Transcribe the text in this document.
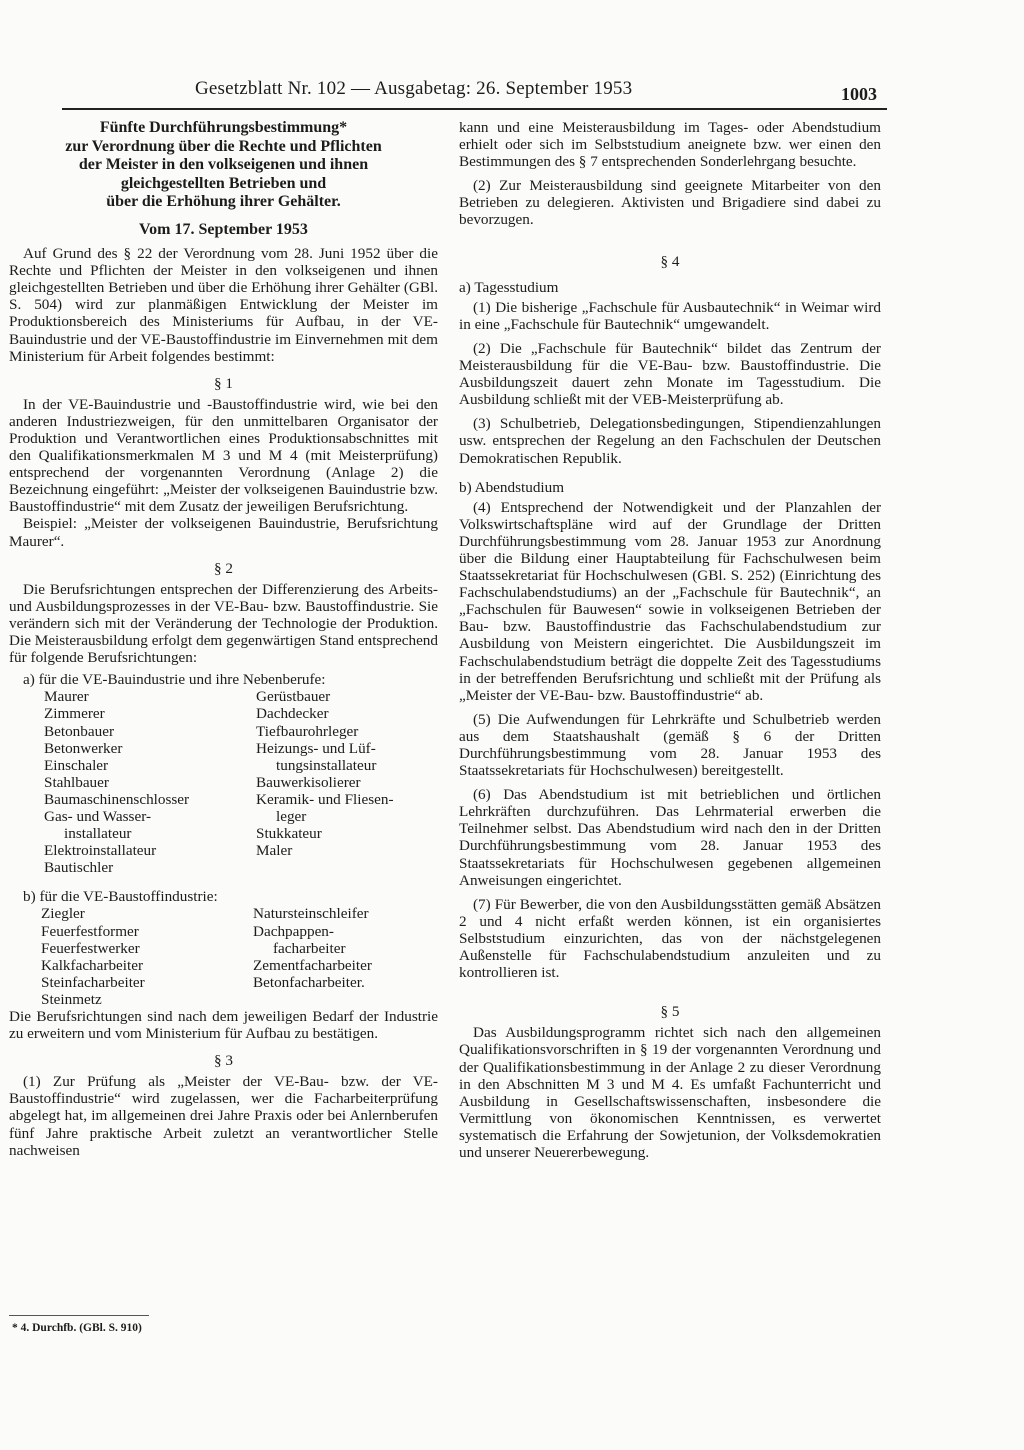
Gesetzblatt Nr. 102 — Ausgabetag: 26. September 1953	1003
Fünfte Durchführungsbestimmung*
zur Verordnung über die Rechte und Pflichten
der Meister in den volkseigenen und ihnen
gleichgestellten Betrieben und
über die Erhöhung ihrer Gehälter.
Vom 17. September 1953

Auf Grund des § 22 der Verordnung vom 28. Juni 1952 über die Rechte und Pflichten der Meister in den volkseigenen und ihnen gleichgestellten Betrieben und über die Erhöhung ihrer Gehälter (GBl. S. 504) wird zur planmäßigen Entwicklung der Meister im Produktionsbereich des Ministeriums für Aufbau, in der VE-Bauindustrie und der VE-Baustoffindustrie im Einvernehmen mit dem Ministerium für Arbeit folgendes bestimmt:

§ 1

In der VE-Bauindustrie und -Baustoffindustrie wird, wie bei den anderen Industriezweigen, für den unmittelbaren Organisator der Produktion und Verantwortlichen eines Produktionsabschnittes mit den Qualifikationsmerkmalen M 3 und M 4 (mit Meisterprüfung) entsprechend der vorgenannten Verordnung (Anlage 2) die Bezeichnung eingeführt: „Meister der volkseigenen Bauindustrie bzw. Baustoffindustrie“ mit dem Zusatz der jeweiligen Berufsrichtung.

Beispiel: „Meister der volkseigenen Bauindustrie, Berufsrichtung Maurer“.

§ 2

Die Berufsrichtungen entsprechen der Differenzierung des Arbeits- und Ausbildungsprozesses in der VE-Bau- bzw. Baustoffindustrie. Sie verändern sich mit der Veränderung der Technologie der Produktion. Die Meisterausbildung erfolgt dem gegenwärtigen Stand entsprechend für folgende Berufsrichtungen:

a) für die VE-Bauindustrie und ihre Nebenberufe:
Maurer	Gerüstbauer
Zimmerer	Dachdecker
Betonbauer	Tiefbaurohrleger
Betonwerker	Heizungs- und Lüf-
Einschaler	tungsinstallateur
Stahlbauer	Bauwerkisolierer
Baumaschinenschlosser	Keramik- und Fliesen-
Gas- und Wasser-	leger
installateur	Stukkateur
Elektroinstallateur	Maler
Bautischler
b) für die VE-Baustoffindustrie:
Ziegler	Natursteinschleifer
Feuerfestformer	Dachpappen-
Feuerfestwerker	facharbeiter
Kalkfacharbeiter	Zementfacharbeiter
Steinfacharbeiter	Betonfacharbeiter.
Steinmetz

Die Berufsrichtungen sind nach dem jeweiligen Bedarf der Industrie zu erweitern und vom Ministerium für Aufbau zu bestätigen.

§ 3

(1) Zur Prüfung als „Meister der VE-Bau- bzw. der VE-Baustoffindustrie“ wird zugelassen, wer die Facharbeiterprüfung abgelegt hat, im allgemeinen drei Jahre Praxis oder bei Anlernberufen fünf Jahre praktische Arbeit zuletzt an verantwortlicher Stelle nachweisen

* 4. Durchfb. (GBl. S. 910)

kann und eine Meisterausbildung im Tages- oder Abendstudium erhielt oder sich im Selbststudium aneignete bzw. wer einen den Bestimmungen des § 7 entsprechenden Sonderlehrgang besuchte.

(2) Zur Meisterausbildung sind geeignete Mitarbeiter von den Betrieben zu delegieren. Aktivisten und Brigadiere sind dabei zu bevorzugen.

§ 4
a) Tagesstudium

(1) Die bisherige „Fachschule für Ausbautechnik“ in Weimar wird in eine „Fachschule für Bautechnik“ umgewandelt.

(2) Die „Fachschule für Bautechnik“ bildet das Zentrum der Meisterausbildung für die VE-Bau- bzw. Baustoffindustrie. Die Ausbildungszeit dauert zehn Monate im Tagesstudium. Die Ausbildung schließt mit der VEB-Meisterprüfung ab.

(3) Schulbetrieb, Delegationsbedingungen, Stipendienzahlungen usw. entsprechen der Regelung an den Fachschulen der Deutschen Demokratischen Republik.

b) Abendstudium

(4) Entsprechend der Notwendigkeit und der Planzahlen der Volkswirtschaftspläne wird auf der Grundlage der Dritten Durchführungsbestimmung vom 28. Januar 1953 zur Anordnung über die Bildung einer Hauptabteilung für Fachschulwesen beim Staatssekretariat für Hochschulwesen (GBl. S. 252) (Einrichtung des Fachschulabendstudiums) an der „Fachschule für Bautechnik“, an „Fachschulen für Bauwesen“ sowie in volkseigenen Betrieben der Bau- bzw. Baustoffindustrie das Fachschulabendstudium zur Ausbildung von Meistern eingerichtet. Die Ausbildungszeit im Fachschulabendstudium beträgt die doppelte Zeit des Tagesstudiums in der betreffenden Berufsrichtung und schließt mit der Prüfung als „Meister der VE-Bau- bzw. Baustoffindustrie“ ab.

(5) Die Aufwendungen für Lehrkräfte und Schulbetrieb werden aus dem Staatshaushalt (gemäß § 6 der Dritten Durchführungsbestimmung vom 28. Januar 1953 des Staatssekretariats für Hochschulwesen) bereitgestellt.

(6) Das Abendstudium ist mit betrieblichen und örtlichen Lehrkräften durchzuführen. Das Lehrmaterial erwerben die Teilnehmer selbst. Das Abendstudium wird nach den in der Dritten Durchführungsbestimmung vom 28. Januar 1953 des Staatssekretariats für Hochschulwesen gegebenen allgemeinen Anweisungen eingerichtet.

(7) Für Bewerber, die von den Ausbildungsstätten gemäß Absätzen 2 und 4 nicht erfaßt werden können, ist ein organisiertes Selbststudium einzurichten, das von der nächstgelegenen Außenstelle für Fachschulabendstudium anzuleiten und zu kontrollieren ist.

§ 5

Das Ausbildungsprogramm richtet sich nach den allgemeinen Qualifikationsvorschriften in § 19 der vorgenannten Verordnung und der Qualifikationsbestimmung in der Anlage 2 zu dieser Verordnung in den Abschnitten M 3 und M 4. Es umfaßt Fachunterricht und Ausbildung in Gesellschaftswissenschaften, insbesondere die Vermittlung von ökonomischen Kenntnissen, es verwertet systematisch die Erfahrung der Sowjetunion, der Volksdemokratien und unserer Neuererbewegung.
